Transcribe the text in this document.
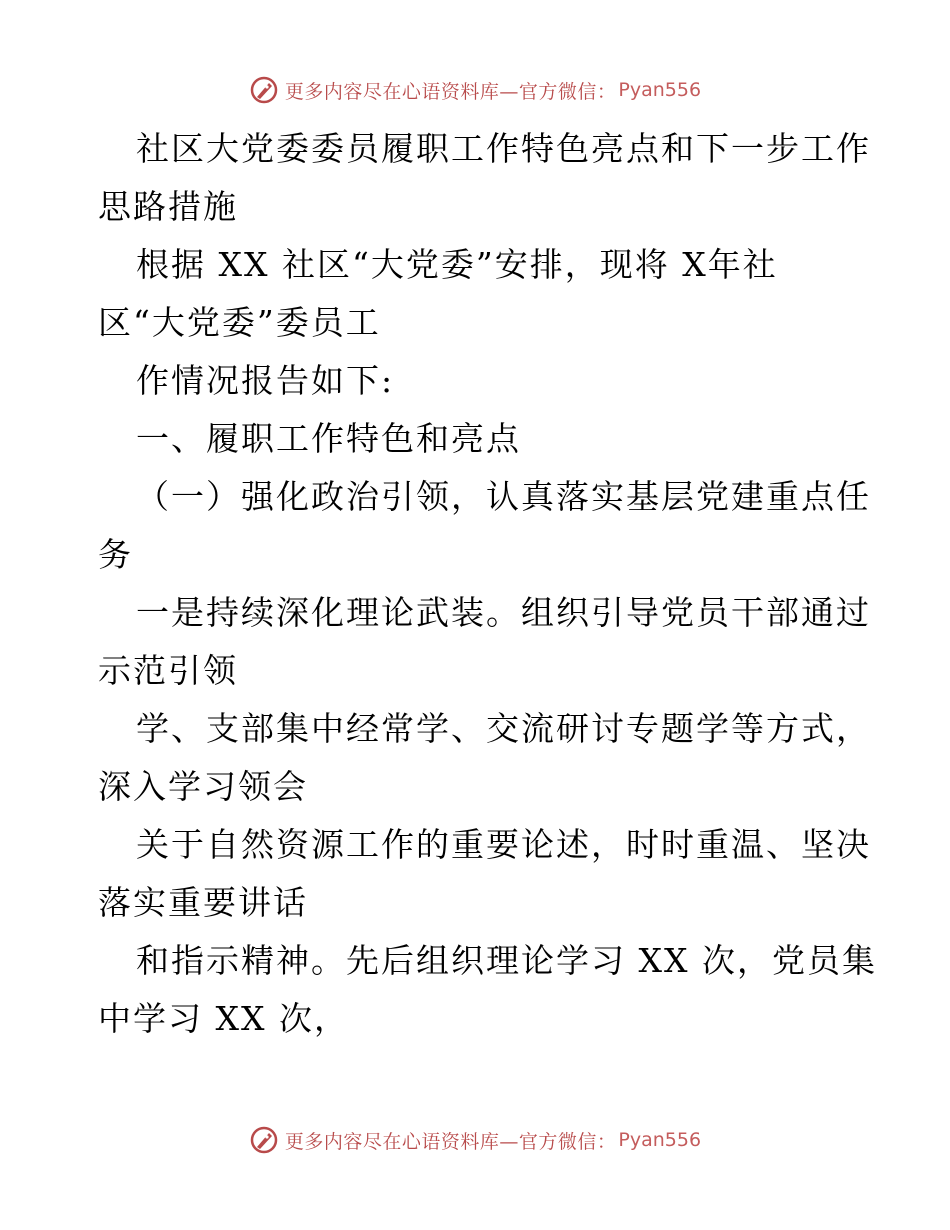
更多内容尽在心语资料库—官方微信： Pyan556
社区大党委委员履职工作特色亮点和下一步工作
思路措施
根据 XX 社区“大党委”安排，现将 X年社
区“大党委”委员工
作情况报告如下:
一、履职工作特色和亮点
（一）强化政治引领，认真落实基层党建重点任
务
一是持续深化理论武装。组织引导党员干部通过
示范引领
学、支部集中经常学、交流研讨专题学等方式，
深入学习领会
关于自然资源工作的重要论述，时时重温、坚决
落实重要讲话
和指示精神。先后组织理论学习 XX 次，党员集
中学习 XX 次，
更多内容尽在心语资料库—官方微信： Pyan556
